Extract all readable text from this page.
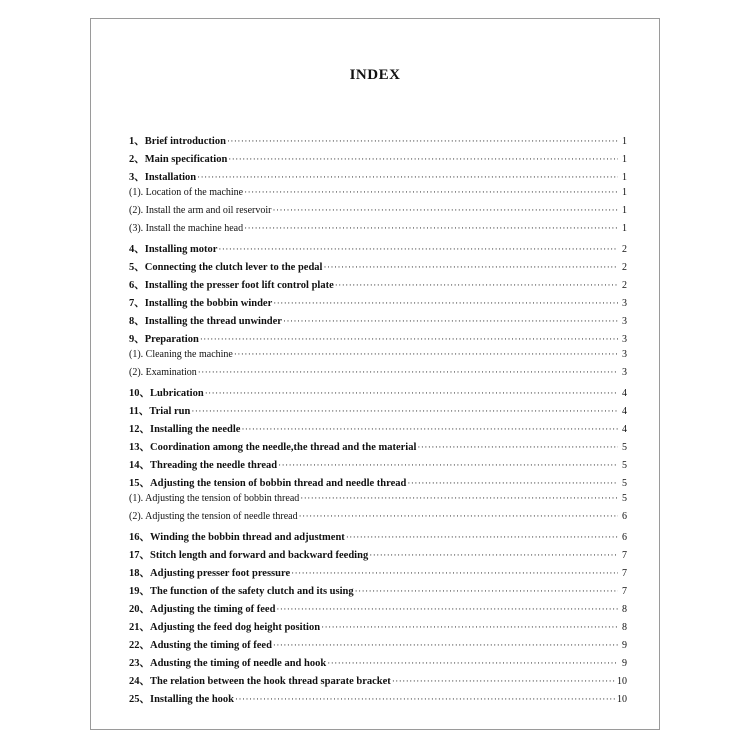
INDEX
1、Brief introduction ·····	1
2、Main specification ·····	1
3、Installation ·····	1
(1). Location of the machine ·····	1
(2). Install the arm and oil reservoir ·····	1
(3). Install the machine head ·····	1
4、Installing motor ·····	2
5、Connecting the clutch lever to the pedal ·····	2
6、Installing the presser foot lift control plate ·····	2
7、Installing the bobbin winder ·····	3
8、Installing the thread unwinder ·····	3
9、Preparation ·····	3
(1). Cleaning the machine ·····	3
(2). Examination ·····	3
10、Lubrication ·····	4
11、Trial run ·····	4
12、Installing the needle ·····	4
13、Coordination among the needle,the thread and the material ·····	5
14、Threading the needle thread ·····	5
15、Adjusting the tension of bobbin thread and needle thread ·····	5
(1). Adjusting the tension of bobbin thread ·····	5
(2). Adjusting the tension of needle thread ·····	6
16、Winding the bobbin thread and adjustment ·····	6
17、Stitch length and forward and backward feeding ·····	7
18、Adjusting presser foot pressure ·····	7
19、The function of the safety clutch and its using ·····	7
20、Adjusting the timing of feed ·····	8
21、Adjusting the feed dog height position ·····	8
22、Adusting the timing of feed ·····	9
23、Adusting the timing of needle and hook ·····	9
24、The relation between the hook thread sparate bracket ·····	10
25、Installing the hook ·····	10
